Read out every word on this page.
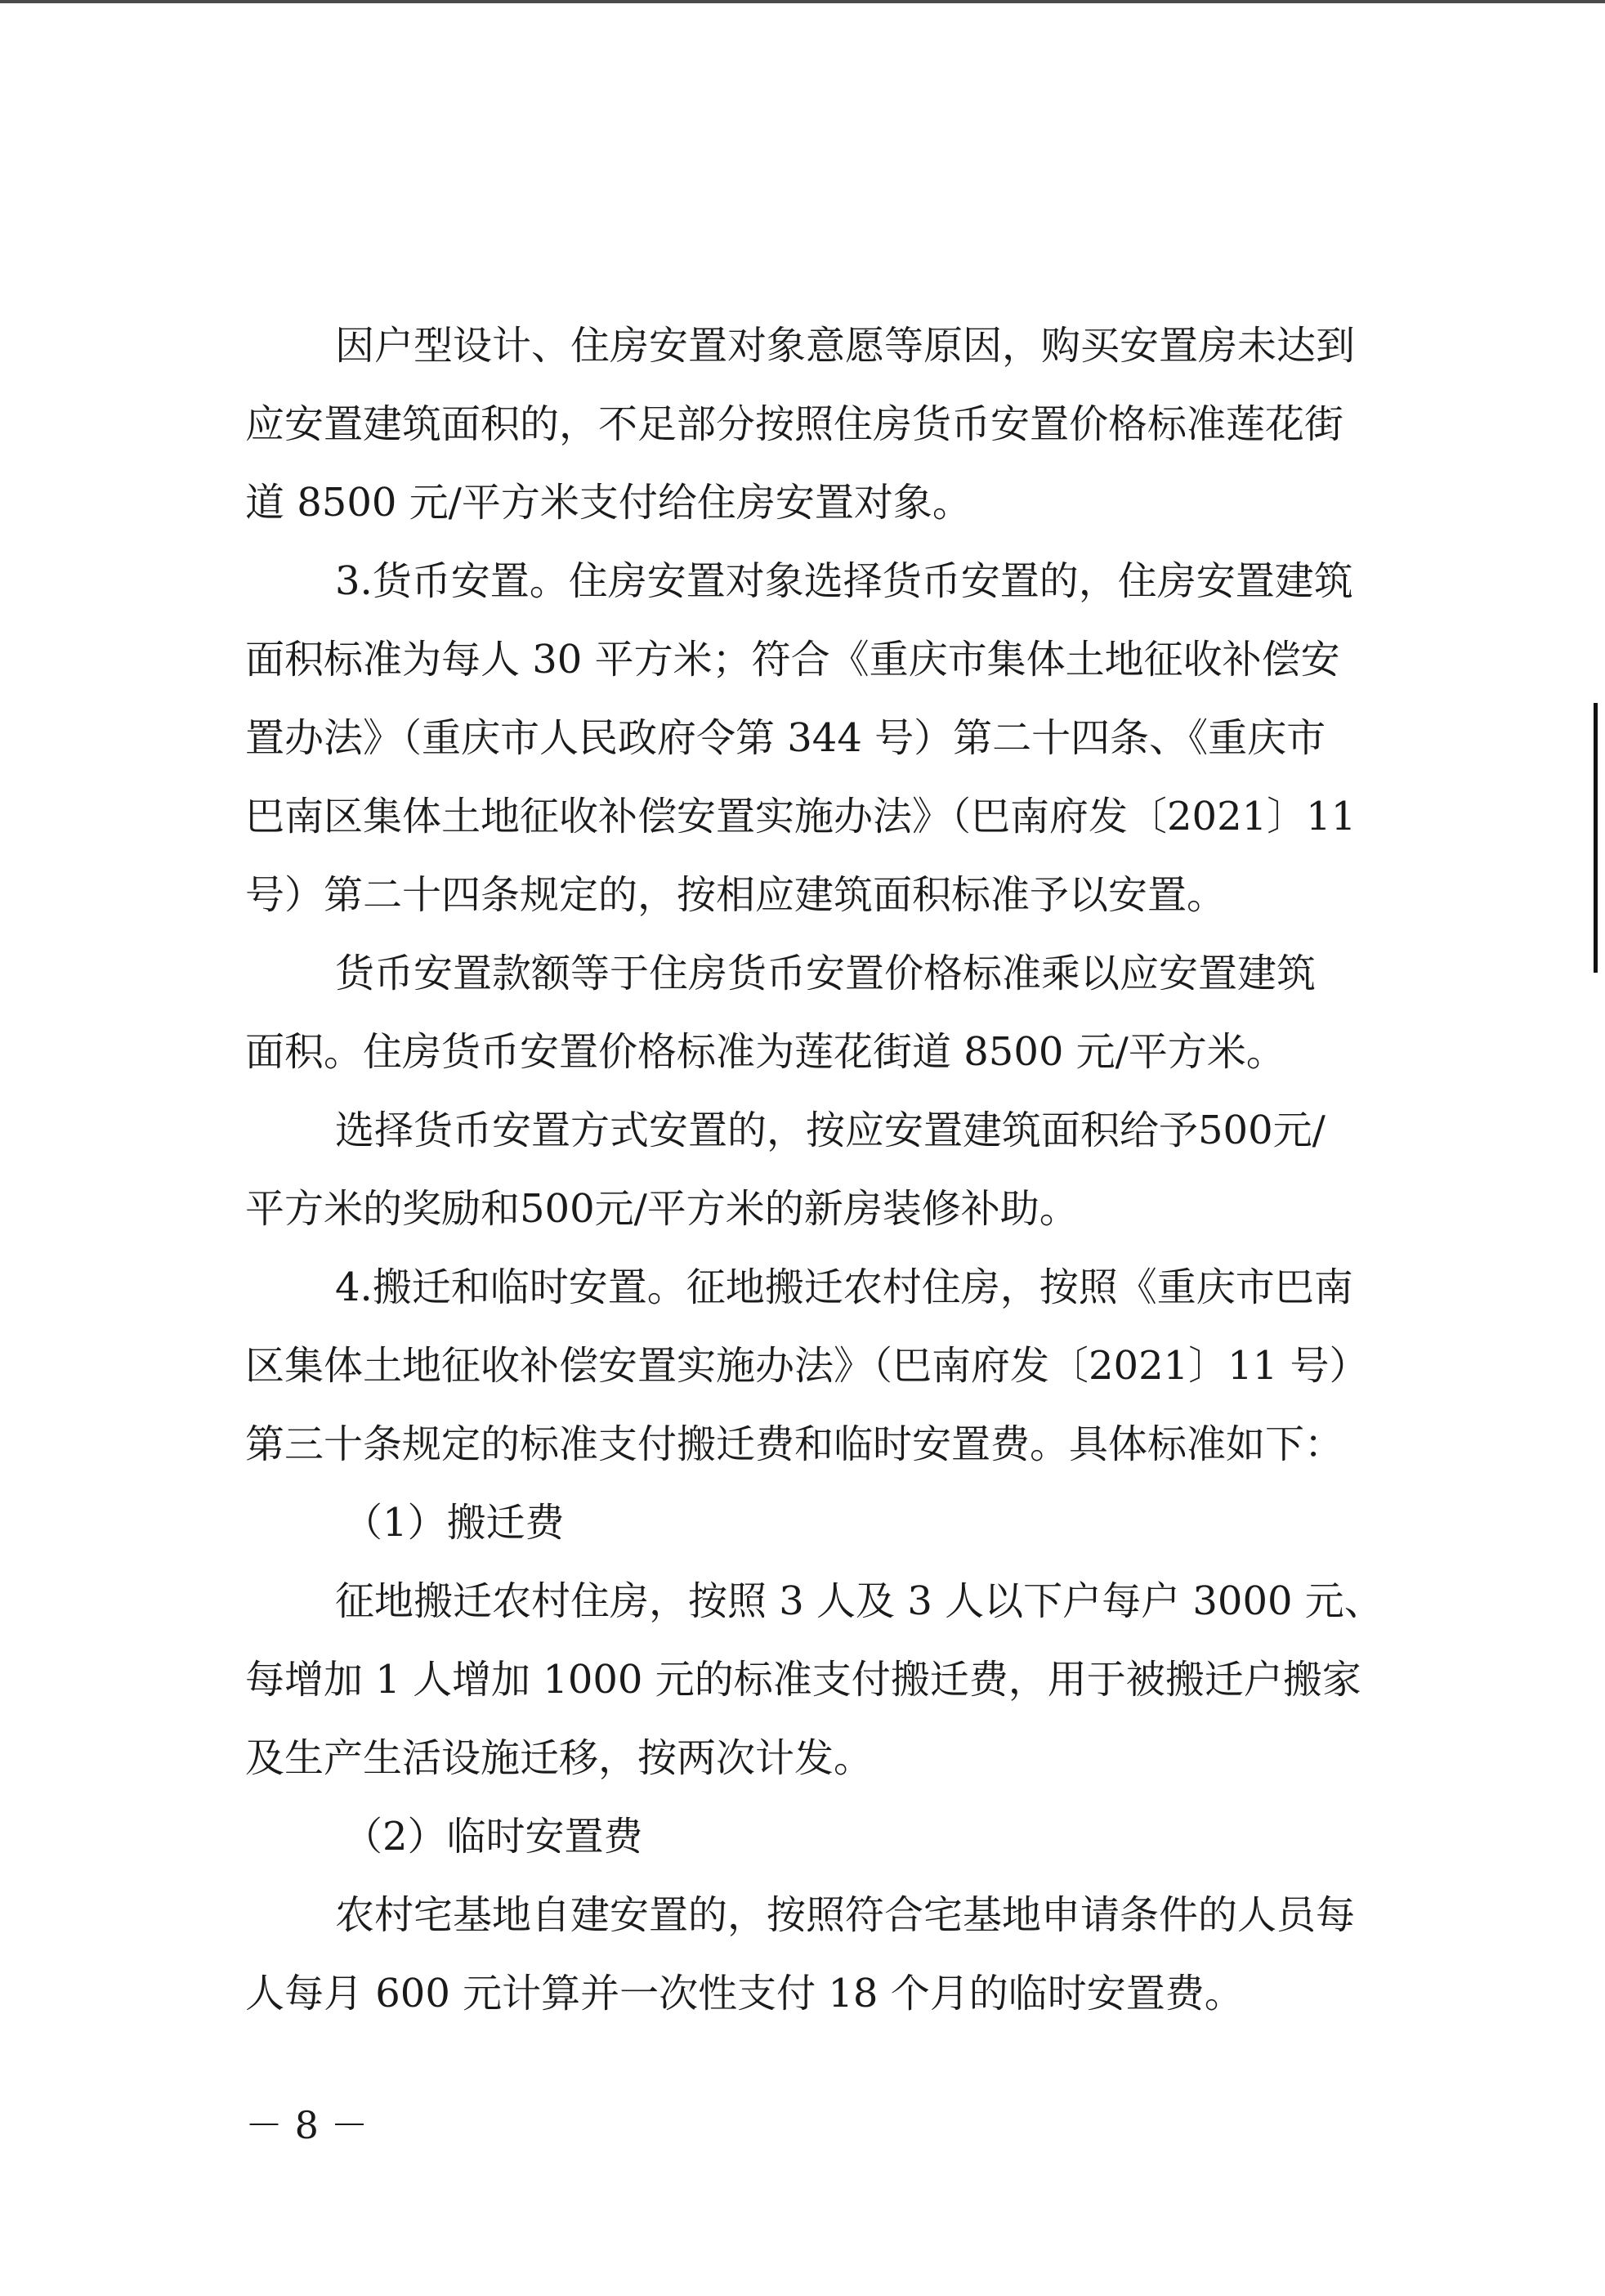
因户型设计、住房安置对象意愿等原因，购买安置房未达到
应安置建筑面积的，不足部分按照住房货币安置价格标准莲花街
道 8500 元/平方米支付给住房安置对象。
3.货币安置。住房安置对象选择货币安置的，住房安置建筑
面积标准为每人 30 平方米；符合《重庆市集体土地征收补偿安
置办法》（重庆市人民政府令第 344 号）第二十四条、《重庆市
巴南区集体土地征收补偿安置实施办法》（巴南府发〔2021〕11
号）第二十四条规定的，按相应建筑面积标准予以安置。
货币安置款额等于住房货币安置价格标准乘以应安置建筑
面积。住房货币安置价格标准为莲花街道 8500 元/平方米。
选择货币安置方式安置的，按应安置建筑面积给予500元/
平方米的奖励和500元/平方米的新房装修补助。
4.搬迁和临时安置。征地搬迁农村住房，按照《重庆市巴南
区集体土地征收补偿安置实施办法》（巴南府发〔2021〕11 号）
第三十条规定的标准支付搬迁费和临时安置费。具体标准如下：
（1）搬迁费
征地搬迁农村住房，按照 3 人及 3 人以下户每户 3000 元、
每增加 1 人增加 1000 元的标准支付搬迁费，用于被搬迁户搬家
及生产生活设施迁移，按两次计发。
（2）临时安置费
农村宅基地自建安置的，按照符合宅基地申请条件的人员每
人每月 600 元计算并一次性支付 18 个月的临时安置费。
－ 8 －
